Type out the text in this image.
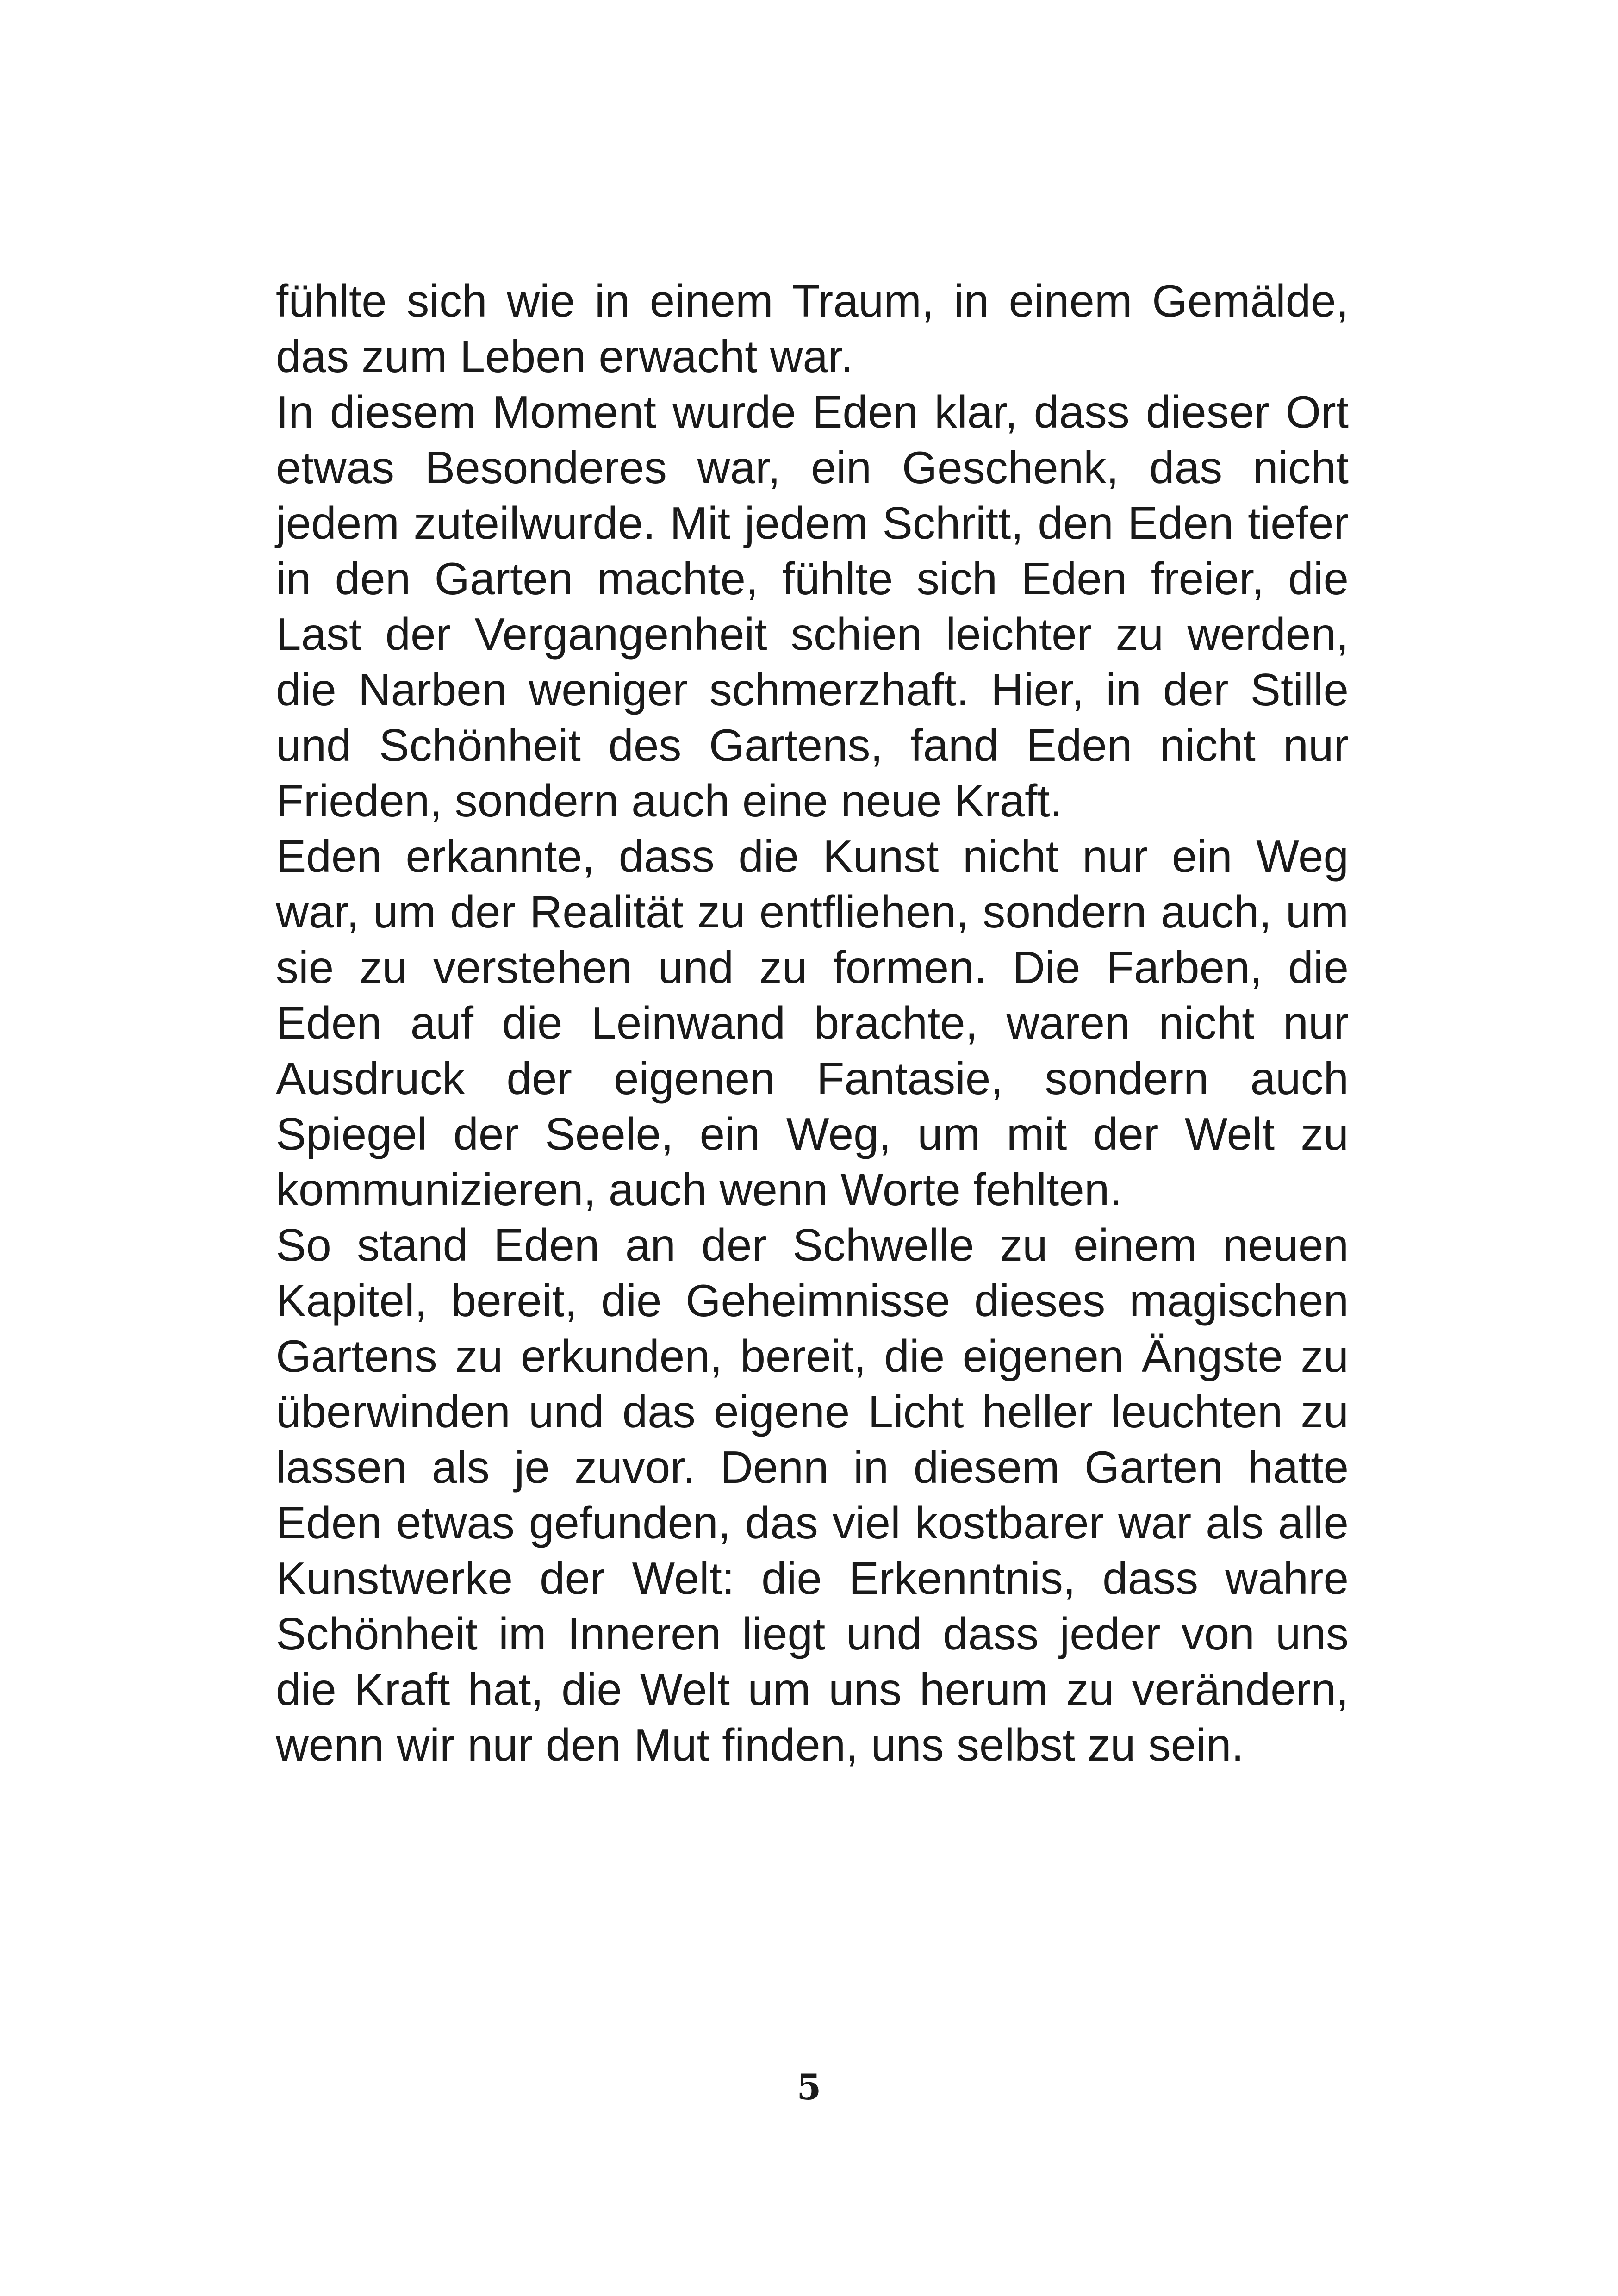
fühlte sich wie in einem Traum, in einem Gemälde, das zum Leben erwacht war.

In diesem Moment wurde Eden klar, dass dieser Ort etwas Besonderes war, ein Geschenk, das nicht jedem zuteilwurde. Mit jedem Schritt, den Eden tiefer in den Garten machte, fühlte sich Eden freier, die Last der Vergangenheit schien leichter zu werden, die Narben weniger schmerzhaft. Hier, in der Stille und Schönheit des Gartens, fand Eden nicht nur Frieden, sondern auch eine neue Kraft.

Eden erkannte, dass die Kunst nicht nur ein Weg war, um der Realität zu entfliehen, sondern auch, um sie zu verstehen und zu formen. Die Farben, die Eden auf die Leinwand brachte, waren nicht nur Ausdruck der eigenen Fantasie, sondern auch Spiegel der Seele, ein Weg, um mit der Welt zu kommunizieren, auch wenn Worte fehlten.

So stand Eden an der Schwelle zu einem neuen Kapitel, bereit, die Geheimnisse dieses magischen Gartens zu erkunden, bereit, die eigenen Ängste zu überwinden und das eigene Licht heller leuchten zu lassen als je zuvor. Denn in diesem Garten hatte Eden etwas gefunden, das viel kostbarer war als alle Kunstwerke der Welt: die Erkenntnis, dass wahre Schönheit im Inneren liegt und dass jeder von uns die Kraft hat, die Welt um uns herum zu verändern, wenn wir nur den Mut finden, uns selbst zu sein.

5
